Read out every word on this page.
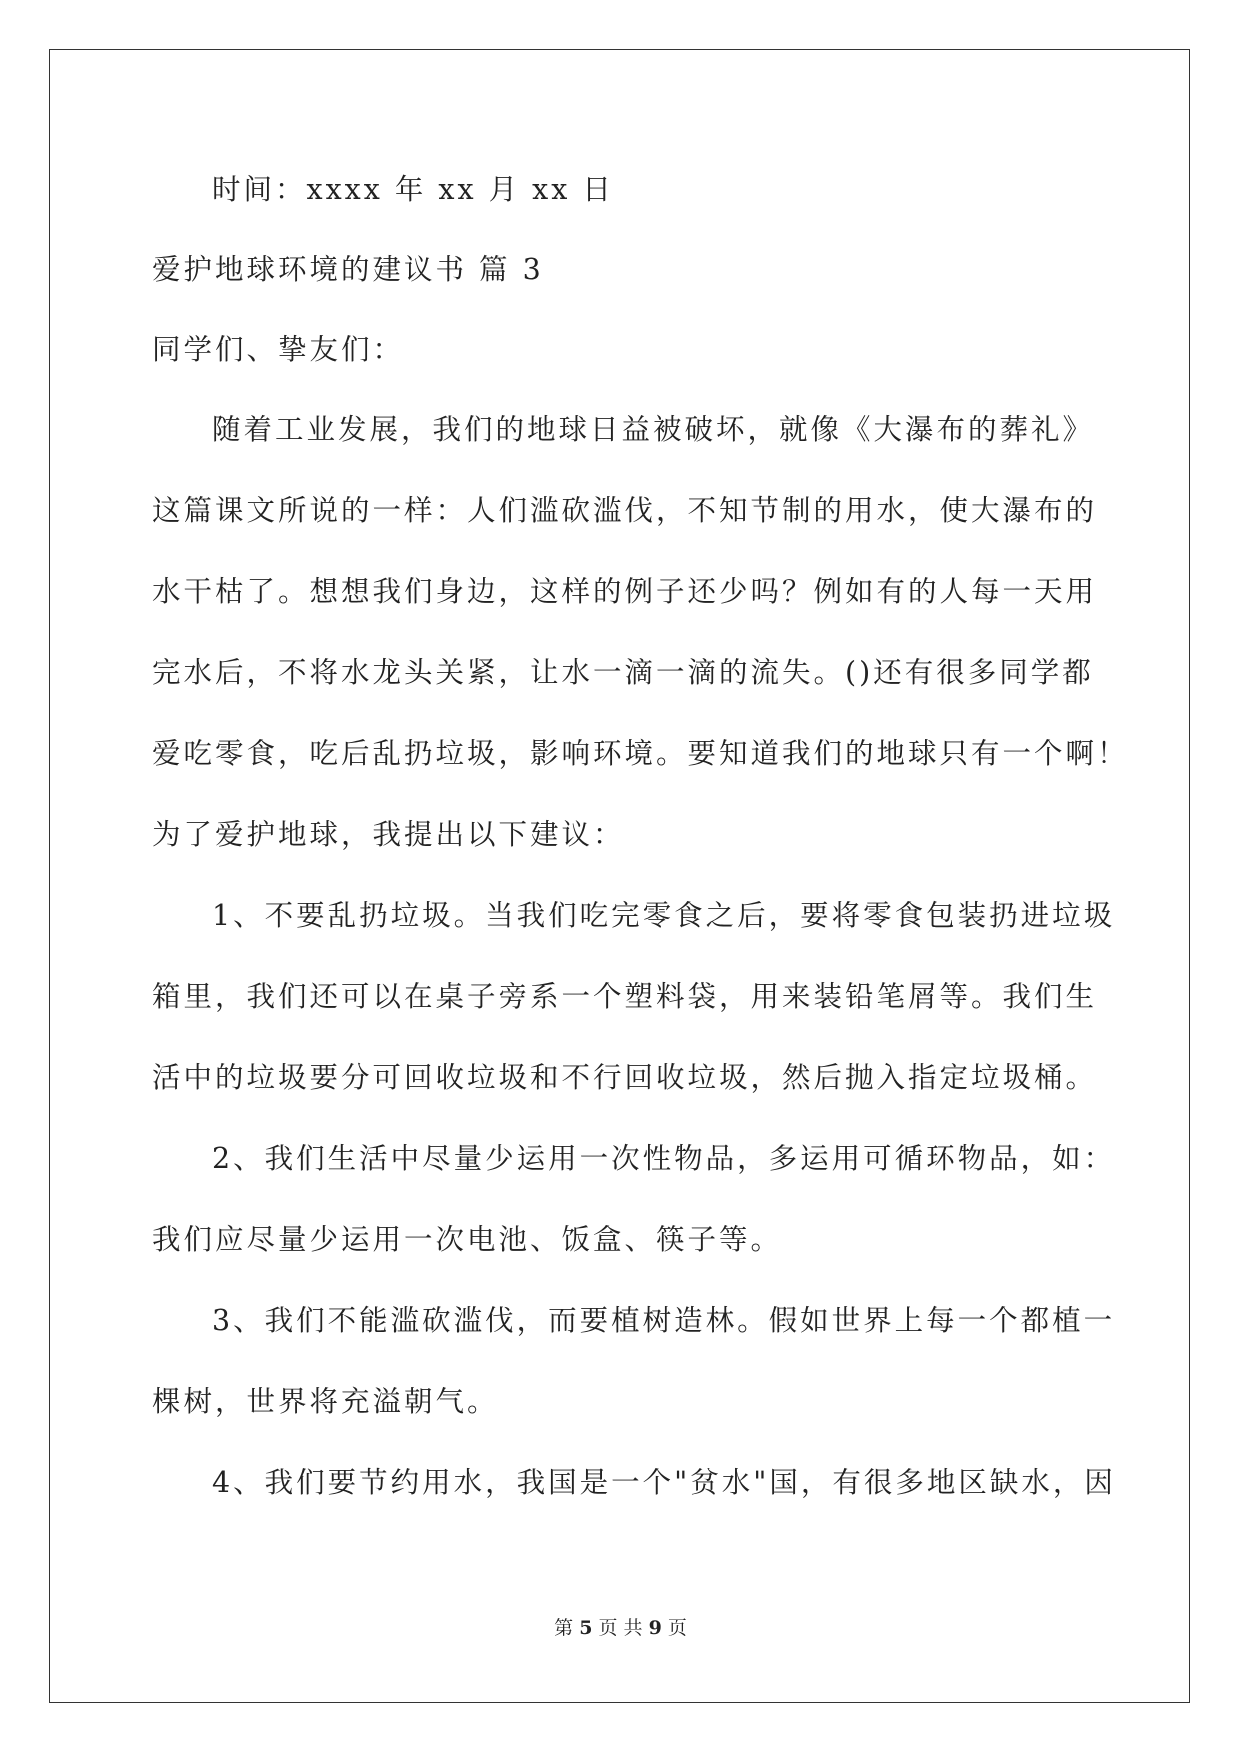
时间：xxxx 年 xx 月 xx 日
爱护地球环境的建议书 篇 3
同学们、挚友们：
随着工业发展，我们的地球日益被破坏，就像《大瀑布的葬礼》
这篇课文所说的一样：人们滥砍滥伐，不知节制的用水，使大瀑布的
水干枯了。想想我们身边，这样的例子还少吗？例如有的人每一天用
完水后，不将水龙头关紧，让水一滴一滴的流失。()还有很多同学都
爱吃零食，吃后乱扔垃圾，影响环境。要知道我们的地球只有一个啊！
为了爱护地球，我提出以下建议：
1、不要乱扔垃圾。当我们吃完零食之后，要将零食包装扔进垃圾
箱里，我们还可以在桌子旁系一个塑料袋，用来装铅笔屑等。我们生
活中的垃圾要分可回收垃圾和不行回收垃圾，然后抛入指定垃圾桶。
2、我们生活中尽量少运用一次性物品，多运用可循环物品，如：
我们应尽量少运用一次电池、饭盒、筷子等。
3、我们不能滥砍滥伐，而要植树造林。假如世界上每一个都植一
棵树，世界将充溢朝气。
4、我们要节约用水，我国是一个"贫水"国，有很多地区缺水，因
第 5 页 共 9 页
